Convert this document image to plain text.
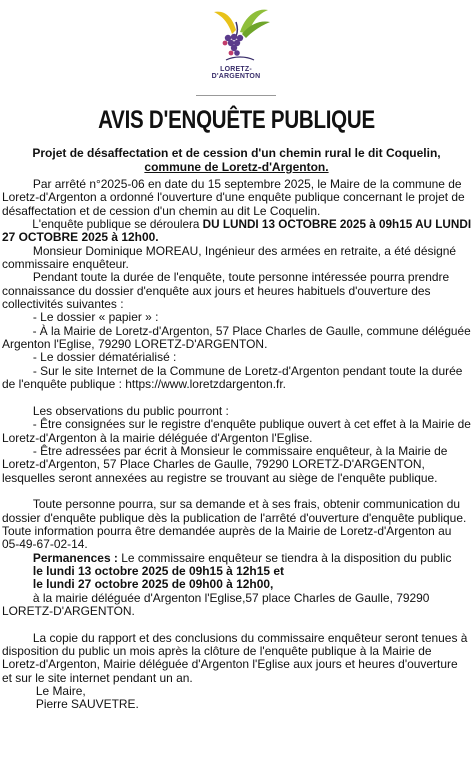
LORETZ-D'ARGENTON
AVIS D'ENQUÊTE PUBLIQUE
Projet de désaffectation et de cession d'un chemin rural le dit Coquelin,
commune de Loretz-d'Argenton.
Par arrêté n°2025-06 en date du 15 septembre 2025, le Maire de la commune de
Loretz-d'Argenton a ordonné l'ouverture d'une enquête publique concernant le projet de
désaffectation et de cession d'un chemin au dit Le Coquelin.
L'enquête publique se déroulera DU LUNDI 13 OCTOBRE 2025 à 09h15 AU LUNDI
27 OCTOBRE 2025 à 12h00.
Monsieur Dominique MOREAU, Ingénieur des armées en retraite, a été désigné
commissaire enquêteur.
Pendant toute la durée de l'enquête, toute personne intéressée pourra prendre
connaissance du dossier d'enquête aux jours et heures habituels d'ouverture des
collectivités suivantes :
- Le dossier « papier » :
- À la Mairie de Loretz-d'Argenton, 57 Place Charles de Gaulle, commune déléguée
Argenton l'Eglise, 79290 LORETZ-D'ARGENTON.
- Le dossier dématérialisé :
- Sur le site Internet de la Commune de Loretz-d'Argenton pendant toute la durée
de l'enquête publique : https://www.loretzdargenton.fr.
Les observations du public pourront :
- Être consignées sur le registre d'enquête publique ouvert à cet effet à la Mairie de
Loretz-d'Argenton à la mairie déléguée d'Argenton l'Eglise.
- Être adressées par écrit à Monsieur le commissaire enquêteur, à la Mairie de
Loretz-d'Argenton, 57 Place Charles de Gaulle, 79290 LORETZ-D'ARGENTON,
lesquelles seront annexées au registre se trouvant au siège de l'enquête publique.
Toute personne pourra, sur sa demande et à ses frais, obtenir communication du
dossier d'enquête publique dès la publication de l'arrêté d'ouverture d'enquête publique.
Toute information pourra être demandée auprès de la Mairie de Loretz-d'Argenton au
05-49-67-02-14.
Permanences : Le commissaire enquêteur se tiendra à la disposition du public
le lundi 13 octobre 2025 de 09h15 à 12h15 et
le lundi 27 octobre 2025 de 09h00 à 12h00,
à la mairie déléguée d'Argenton l'Eglise,57 place Charles de Gaulle, 79290
LORETZ-D'ARGENTON.
La copie du rapport et des conclusions du commissaire enquêteur seront tenues à
disposition du public un mois après la clôture de l'enquête publique à la Mairie de
Loretz-d'Argenton, Mairie déléguée d'Argenton l'Eglise aux jours et heures d'ouverture
et sur le site internet pendant un an.
Le Maire,
Pierre SAUVETRE.
